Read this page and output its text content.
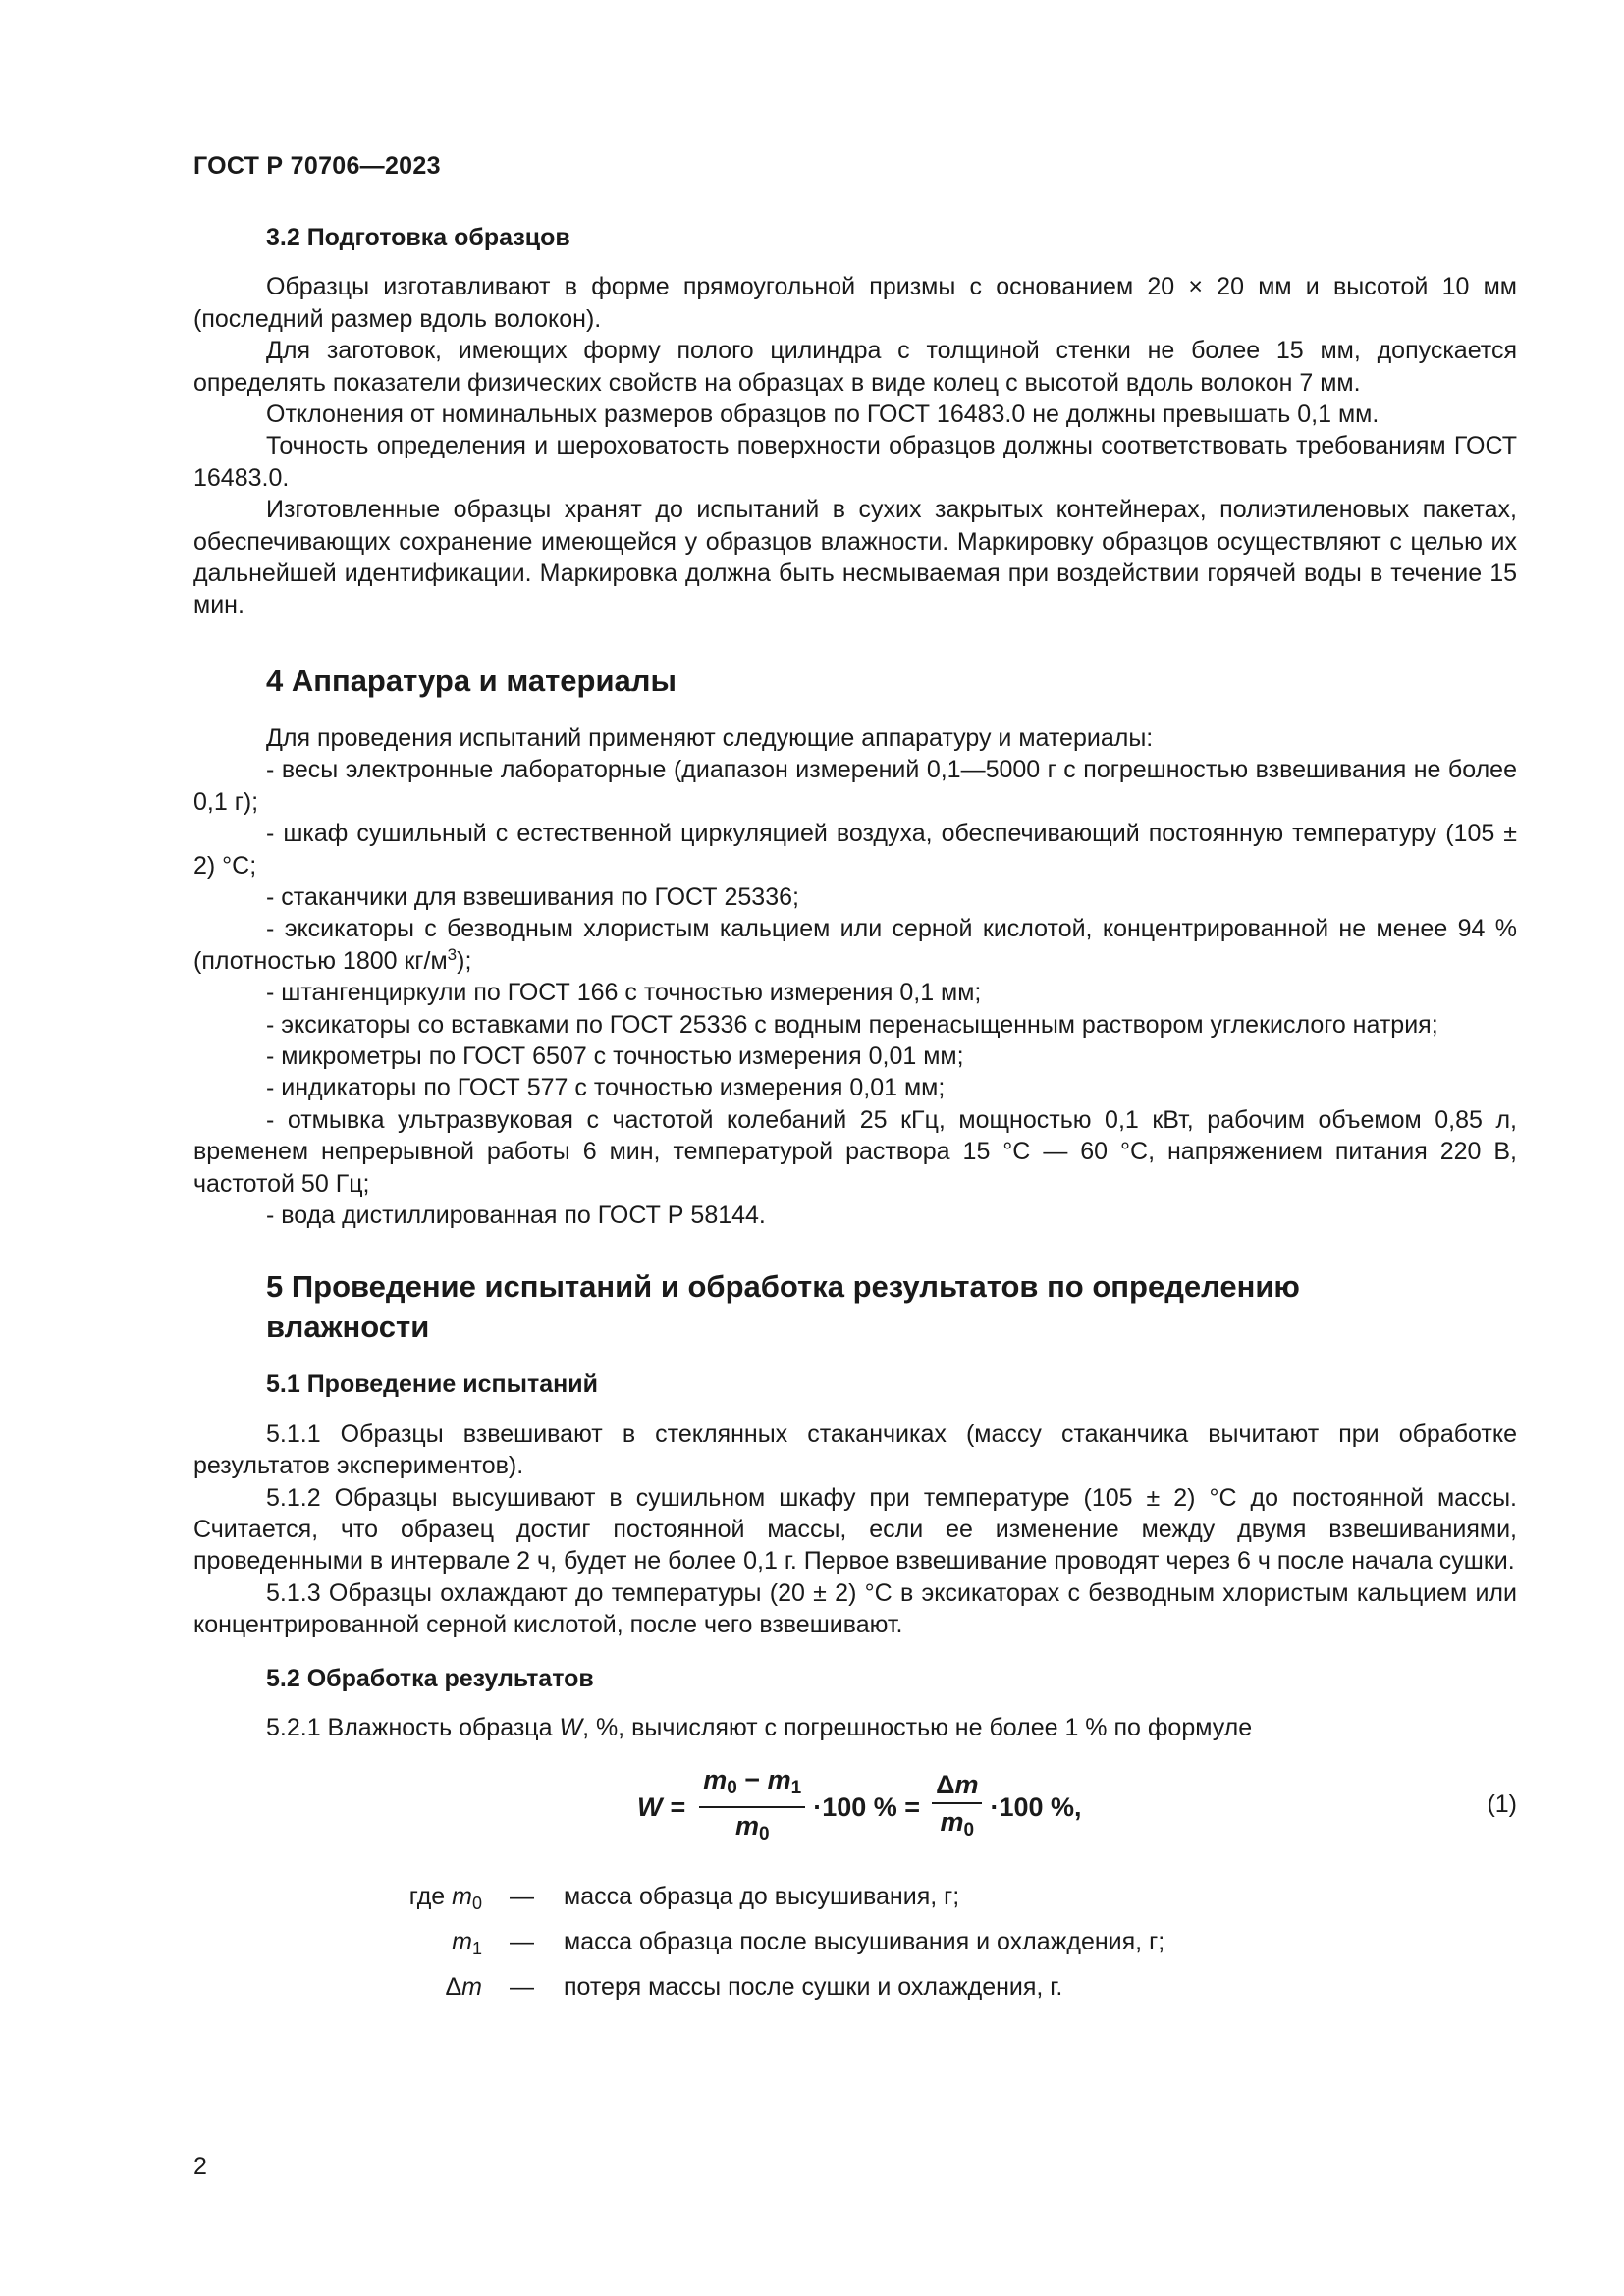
ГОСТ Р 70706—2023
3.2 Подготовка образцов

Образцы изготавливают в форме прямоугольной призмы с основанием 20 × 20 мм и высотой 10 мм (последний размер вдоль волокон).

Для заготовок, имеющих форму полого цилиндра с толщиной стенки не более 15 мм, допускается определять показатели физических свойств на образцах в виде колец с высотой вдоль волокон 7 мм.

Отклонения от номинальных размеров образцов по ГОСТ 16483.0 не должны превышать 0,1 мм.

Точность определения и шероховатость поверхности образцов должны соответствовать требованиям ГОСТ 16483.0.

Изготовленные образцы хранят до испытаний в сухих закрытых контейнерах, полиэтиленовых пакетах, обеспечивающих сохранение имеющейся у образцов влажности. Маркировку образцов осуществляют с целью их дальнейшей идентификации. Маркировка должна быть несмываемая при воздействии горячей воды в течение 15 мин.

4 Аппаратура и материалы

Для проведения испытаний применяют следующие аппаратуру и материалы:

- весы электронные лабораторные (диапазон измерений 0,1—5000 г с погрешностью взвешивания не более 0,1 г);

- шкаф сушильный с естественной циркуляцией воздуха, обеспечивающий постоянную температуру (105 ± 2) °С;

- стаканчики для взвешивания по ГОСТ 25336;

- эксикаторы с безводным хлористым кальцием или серной кислотой, концентрированной не менее 94 % (плотностью 1800 $кг/м^3$);

- штангенциркули по ГОСТ 166 с точностью измерения 0,1 мм;

- эксикаторы со вставками по ГОСТ 25336 с водным перенасыщенным раствором углекислого натрия;

- микрометры по ГОСТ 6507 с точностью измерения 0,01 мм;

- индикаторы по ГОСТ 577 с точностью измерения 0,01 мм;

- отмывка ультразвуковая с частотой колебаний 25 кГц, мощностью 0,1 кВт, рабочим объемом 0,85 л, временем непрерывной работы 6 мин, температурой раствора 15 °С — 60 °С, напряжением питания 220 В, частотой 50 Гц;

- вода дистиллированная по ГОСТ Р 58144.

5 Проведение испытаний и обработка результатов по определению
влажности
5.1 Проведение испытаний

5.1.1 Образцы взвешивают в стеклянных стаканчиках (массу стаканчика вычитают при обработке результатов экспериментов).

5.1.2 Образцы высушивают в сушильном шкафу при температуре (105 ± 2) °С до постоянной массы. Считается, что образец достиг постоянной массы, если ее изменение между двумя взвешиваниями, проведенными в интервале 2 ч, будет не более 0,1 г. Первое взвешивание проводят через 6 ч после начала сушки.

5.1.3 Образцы охлаждают до температуры (20 ± 2) °С в эксикаторах с безводным хлористым кальцием или концентрированной серной кислотой, после чего взвешивают.

5.2 Обработка результатов

5.2.1 Влажность образца W, %, вычисляют с погрешностью не более 1 % по формуле

$W = \frac{m_0 - m_1}{m_0} \cdot 100$ % = $\frac{\Delta m}{m_0} \cdot 100$ %,	(1)
где $m_0$ — масса образца до высушивания, г;
$m_1$ — масса образца после высушивания и охлаждения, г;
Δm — потеря массы после сушки и охлаждения, г.
2
